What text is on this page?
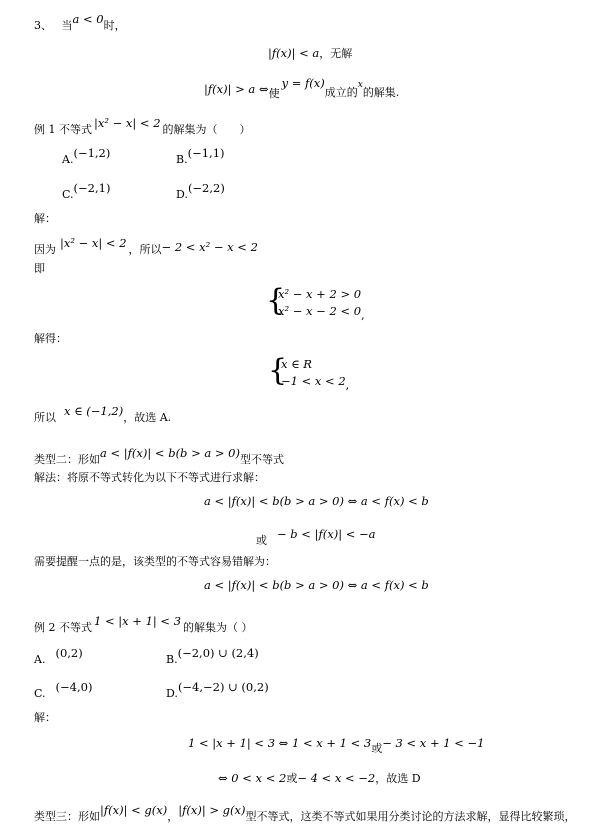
3、 当a < 0时，
|f(x)| < a，无解
|f(x)| > a ⇔使y = f(x)成立的$^x$的解集.
例 1 不等式 |x² − x| < 2 的解集为（　　）
A.(−1,2)	B.(−1,1)
C.(−2,1)	D.(−2,2)
解：
因为 |x² − x| < 2 ，所以− 2 < x² − x < 2
即
{
x² − x + 2 > 0
x² − x − 2 < 0,
解得：
{
x ∈ R
−1 < x < 2,
所以 x ∈ (−1,2)，故选 A.
类型二：形如a < |f(x)| < b(b > a > 0)型不等式
解法：将原不等式转化为以下不等式进行求解：
a < |f(x)| < b(b > a > 0) ⇔ a < f(x) < b
或 − b < |f(x)| < −a
需要提醒一点的是，该类型的不等式容易错解为：
a < |f(x)| < b(b > a > 0) ⇔ a < f(x) < b
例 2 不等式 1 < |x + 1| < 3 的解集为（ ）
A. (0,2)	B.(−2,0) ∪ (2,4)
C. (−4,0)	D.(−4,−2) ∪ (0,2)
解：
1 < |x + 1| < 3 ⇔ 1 < x + 1 < 3或− 3 < x + 1 < −1
⇔ 0 < x < 2或− 4 < x < −2，故选 D
类型三：形如|f(x)| < g(x)，|f(x)| > g(x)型不等式，这类不等式如果用分类讨论的方法求解，显得比较繁琐，
